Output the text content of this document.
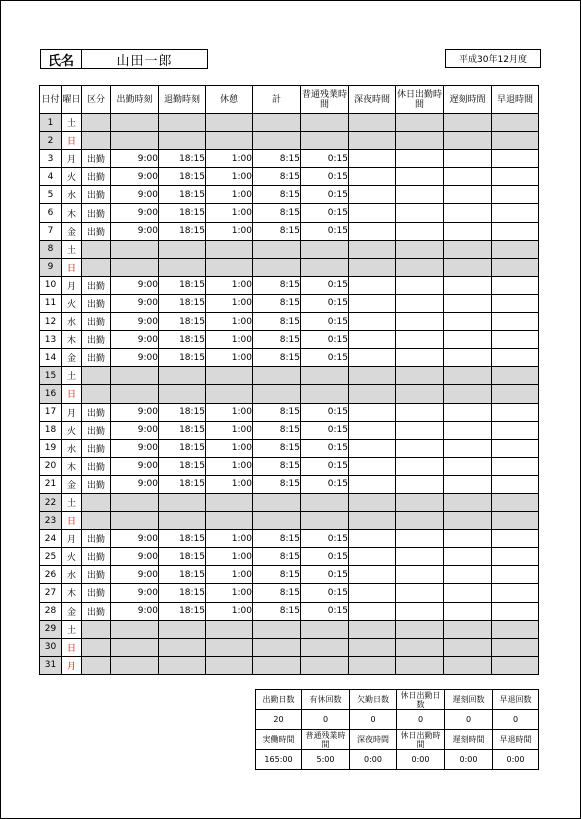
氏名	山田一郎	平成30年12月度
日付	曜日	区分	出勤時刻	退勤時刻	休憩	計	普通残業時間	深夜時間	休日出勤時間	遅刻時間	早退時間
1	土										
2	日										
3	月	出勤	9:00	18:15	1:00	8:15	0:15				
4	火	出勤	9:00	18:15	1:00	8:15	0:15				
5	水	出勤	9:00	18:15	1:00	8:15	0:15				
6	木	出勤	9:00	18:15	1:00	8:15	0:15				
7	金	出勤	9:00	18:15	1:00	8:15	0:15				
8	土										
9	日										
10	月	出勤	9:00	18:15	1:00	8:15	0:15				
11	火	出勤	9:00	18:15	1:00	8:15	0:15				
12	水	出勤	9:00	18:15	1:00	8:15	0:15				
13	木	出勤	9:00	18:15	1:00	8:15	0:15				
14	金	出勤	9:00	18:15	1:00	8:15	0:15				
15	土										
16	日										
17	月	出勤	9:00	18:15	1:00	8:15	0:15				
18	火	出勤	9:00	18:15	1:00	8:15	0:15				
19	水	出勤	9:00	18:15	1:00	8:15	0:15				
20	木	出勤	9:00	18:15	1:00	8:15	0:15				
21	金	出勤	9:00	18:15	1:00	8:15	0:15				
22	土										
23	日										
24	月	出勤	9:00	18:15	1:00	8:15	0:15				
25	火	出勤	9:00	18:15	1:00	8:15	0:15				
26	水	出勤	9:00	18:15	1:00	8:15	0:15				
27	木	出勤	9:00	18:15	1:00	8:15	0:15				
28	金	出勤	9:00	18:15	1:00	8:15	0:15				
29	土										
30	日										
31	月										
出勤日数	有休回数	欠勤日数	休日出勤日数	遅刻回数	早退回数
20	0	0	0	0	0
実働時間	普通残業時間	深夜時間	休日出勤時間	遅刻時間	早退時間
165:00	5:00	0:00	0:00	0:00	0:00
